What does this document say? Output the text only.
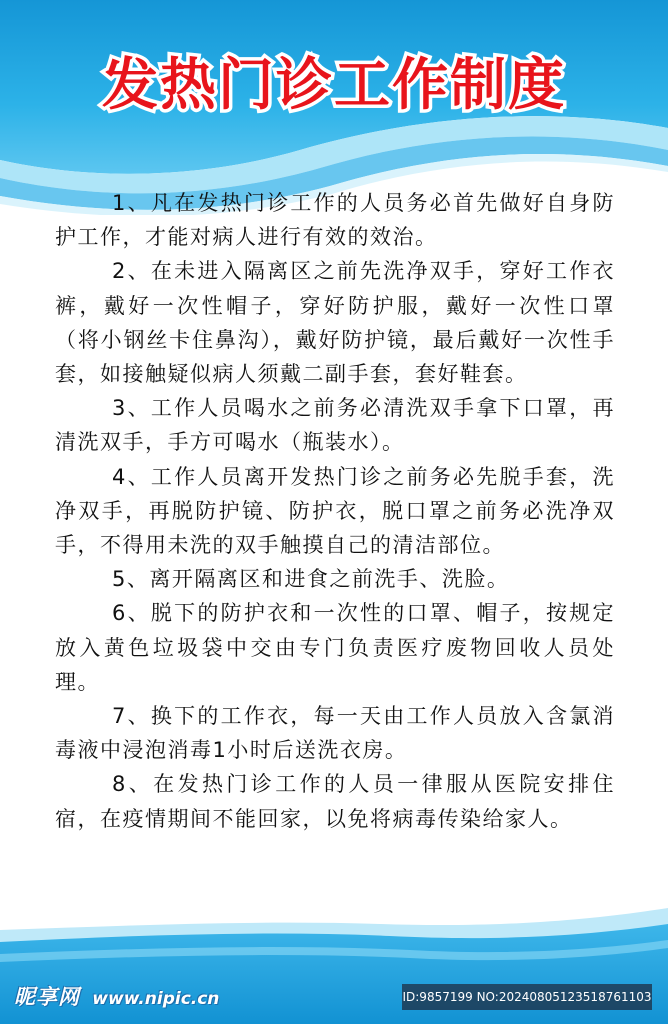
发热门诊工作制度
1、凡在发热门诊工作的人员务必首先做好自身防护工作，才能对病人进行有效的效治。
2、在未进入隔离区之前先洗净双手，穿好工作衣裤，戴好一次性帽子，穿好防护服，戴好一次性口罩（将小钢丝卡住鼻沟），戴好防护镜，最后戴好一次性手套，如接触疑似病人须戴二副手套，套好鞋套。
3、工作人员喝水之前务必清洗双手拿下口罩，再清洗双手，手方可喝水（瓶装水）。
4、工作人员离开发热门诊之前务必先脱手套，洗净双手，再脱防护镜、防护衣，脱口罩之前务必洗净双手，不得用未洗的双手触摸自己的清洁部位。
5、离开隔离区和进食之前洗手、洗脸。
6、脱下的防护衣和一次性的口罩、帽子，按规定放入黄色垃圾袋中交由专门负责医疗废物回收人员处理。
7、换下的工作衣，每一天由工作人员放入含氯消毒液中浸泡消毒1小时后送洗衣房。
8、在发热门诊工作的人员一律服从医院安排住宿，在疫情期间不能回家，以免将病毒传染给家人。
昵享网 www.nipic.cn	ID:9857199 NO:20240805123518761103
